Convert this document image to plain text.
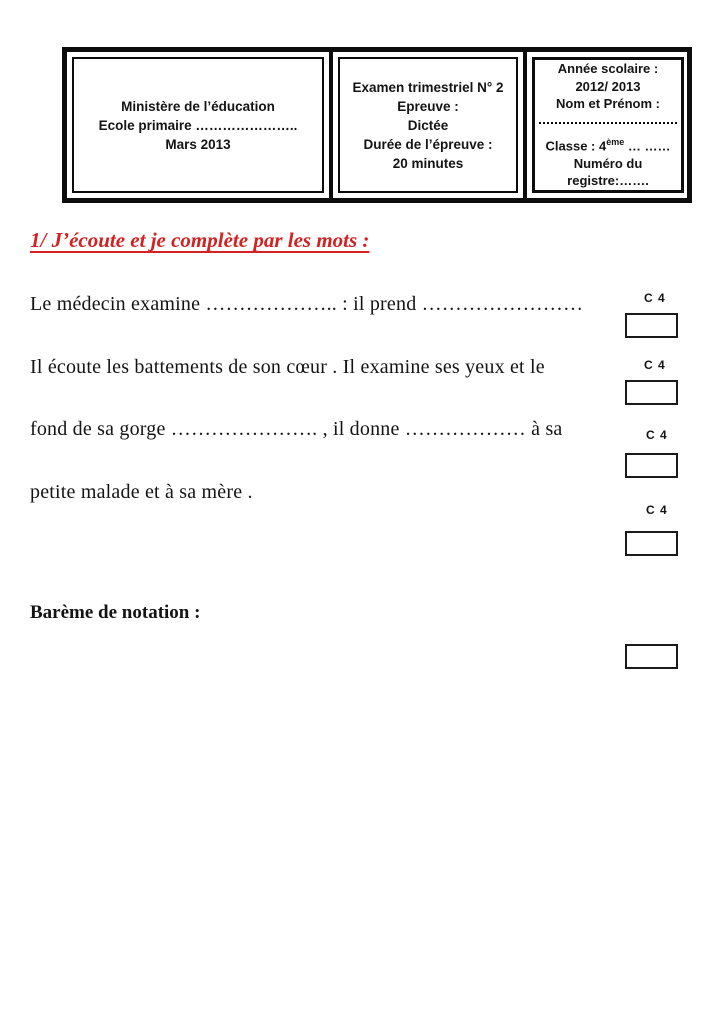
Ministère de l’éducation
Ecole primaire …………………..
Mars 2013
Examen trimestriel N° 2
Epreuve :
Dictée
Durée de l’épreuve :
20 minutes
Année scolaire :
2012/ 2013
Nom et Prénom :
Classe : 4ème … ……
Numéro du registre:…….
1/ J’écoute et je complète par les mots :
Le médecin examine ……………….. : il prend ……………………
Il écoute les battements de son cœur . Il examine ses yeux et le
fond de sa gorge …………………. , il donne ……………… à sa
petite malade et à sa mère .
C 4
C 4
C 4
C 4
Barème de notation :
